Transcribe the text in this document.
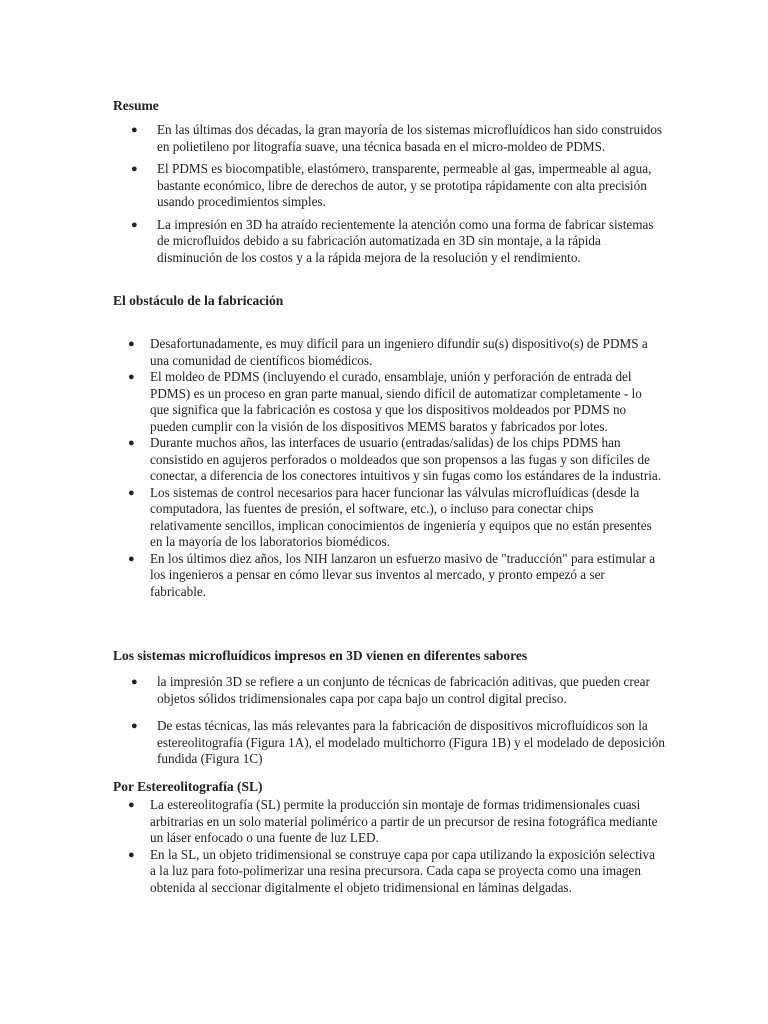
Resume
● En las últimas dos décadas, la gran mayoría de los sistemas microfluídicos han sido construidos en polietileno por litografía suave, una técnica basada en el micro-moldeo de PDMS.
● El PDMS es biocompatible, elastómero, transparente, permeable al gas, impermeable al agua, bastante económico, libre de derechos de autor, y se prototipa rápidamente con alta precisión usando procedimientos simples.
● La impresión en 3D ha atraído recientemente la atención como una forma de fabricar sistemas de microfluidos debido a su fabricación automatizada en 3D sin montaje, a la rápida disminución de los costos y a la rápida mejora de la resolución y el rendimiento.
El obstáculo de la fabricación
● Desafortunadamente, es muy difícil para un ingeniero difundir su(s) dispositivo(s) de PDMS a una comunidad de científicos biomédicos.
● El moldeo de PDMS (incluyendo el curado, ensamblaje, unión y perforación de entrada del PDMS) es un proceso en gran parte manual, siendo difícil de automatizar completamente - lo que significa que la fabricación es costosa y que los dispositivos moldeados por PDMS no pueden cumplir con la visión de los dispositivos MEMS baratos y fabricados por lotes.
● Durante muchos años, las interfaces de usuario (entradas/salidas) de los chips PDMS han consistido en agujeros perforados o moldeados que son propensos a las fugas y son difíciles de conectar, a diferencia de los conectores intuitivos y sin fugas como los estándares de la industria.
● Los sistemas de control necesarios para hacer funcionar las válvulas microfluídicas (desde la computadora, las fuentes de presión, el software, etc.), o incluso para conectar chips relativamente sencillos, implican conocimientos de ingeniería y equipos que no están presentes en la mayoría de los laboratorios biomédicos.
● En los últimos diez años, los NIH lanzaron un esfuerzo masivo de "traducción" para estimular a los ingenieros a pensar en cómo llevar sus inventos al mercado, y pronto empezó a ser fabricable.
Los sistemas microfluídicos impresos en 3D vienen en diferentes sabores
● la impresión 3D se refiere a un conjunto de técnicas de fabricación aditivas, que pueden crear objetos sólidos tridimensionales capa por capa bajo un control digital preciso.
● De estas técnicas, las más relevantes para la fabricación de dispositivos microfluídicos son la estereolitografía (Figura 1A), el modelado multichorro (Figura 1B) y el modelado de deposición fundida (Figura 1C)
Por Estereolitografía (SL)
● La estereolitografía (SL) permite la producción sin montaje de formas tridimensionales cuasi arbitrarias en un solo material polimérico a partir de un precursor de resina fotográfica mediante un láser enfocado o una fuente de luz LED.
● En la SL, un objeto tridimensional se construye capa por capa utilizando la exposición selectiva a la luz para foto-polimerizar una resina precursora. Cada capa se proyecta como una imagen obtenida al seccionar digitalmente el objeto tridimensional en láminas delgadas.
